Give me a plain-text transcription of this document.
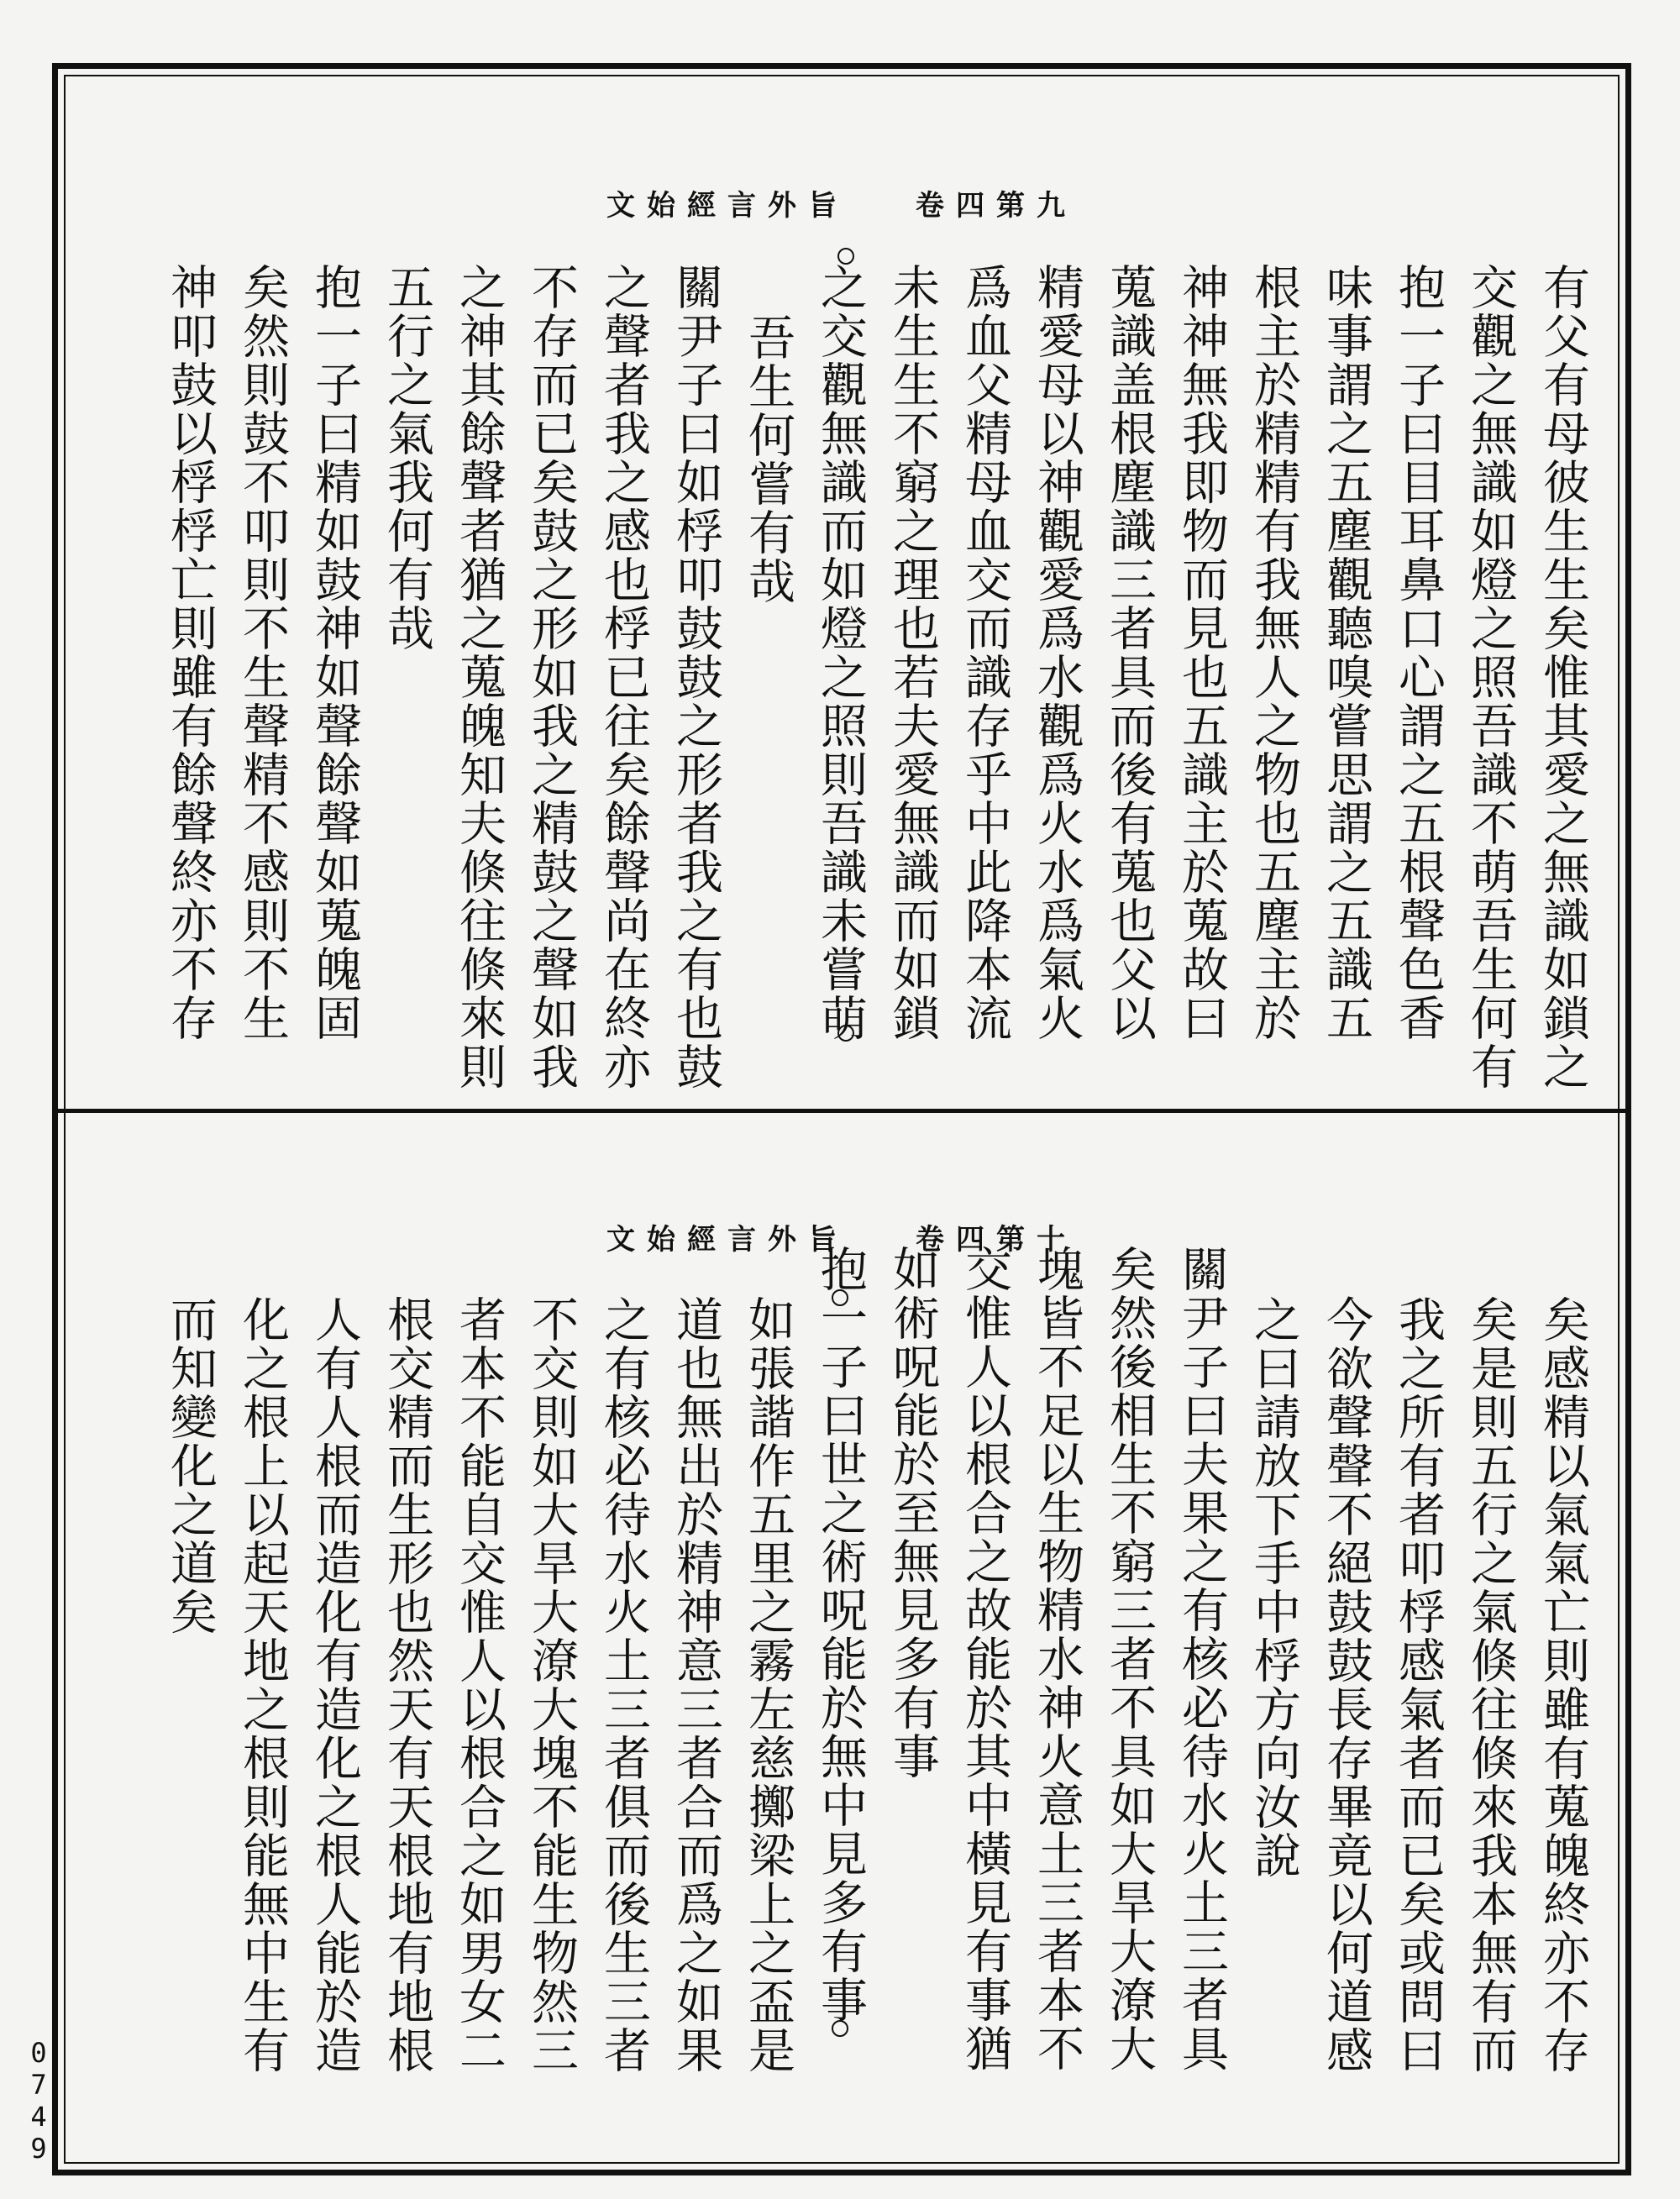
文始經言外旨 卷四第九
有父有母彼生生矣惟其愛之無識如鎖之
交觀之無識如燈之照吾識不萌吾生何有
抱一子曰目耳鼻口心謂之五根聲色香
味事謂之五塵觀聽嗅嘗思謂之五識五
根主於精精有我無人之物也五塵主於
神神無我即物而見也五識主於蒐故曰
蒐識盖根塵識三者具而後有蒐也父以
精愛母以神觀愛爲水觀爲火水爲氣火
爲血父精母血交而識存乎中此降本流
未生生不窮之理也若夫愛無識而如鎖
之交觀無識而如燈之照則吾識未嘗萌
吾生何嘗有哉
關尹子曰如桴叩鼓鼓之形者我之有也鼓
之聲者我之感也桴已往矣餘聲尚在終亦
不存而已矣鼓之形如我之精鼓之聲如我
之神其餘聲者猶之蒐魄知夫倏往倏來則
五行之氣我何有哉
抱一子曰精如鼓神如聲餘聲如蒐魄固
矣然則鼓不叩則不生聲精不感則不生
神叩鼓以桴桴亡則雖有餘聲終亦不存
文始經言外旨 卷四第十
矣感精以氣氣亡則雖有蒐魄終亦不存
矣是則五行之氣倏往倏來我本無有而
我之所有者叩桴感氣者而已矣或問曰
今欲聲聲不絕鼓鼓長存畢竟以何道感
之曰請放下手中桴方向汝說
關尹子曰夫果之有核必待水火土三者具
矣然後相生不窮三者不具如大旱大潦大
塊皆不足以生物精水神火意土三者本不
交惟人以根合之故能於其中橫見有事猶
如術呪能於至無見多有事
抱一子曰世之術呪能於無中見多有事
如張諧作五里之霧左慈擲梁上之盃是
道也無出於精神意三者合而爲之如果
之有核必待水火土三者俱而後生三者
不交則如大旱大潦大塊不能生物然三
者本不能自交惟人以根合之如男女二
根交精而生形也然天有天根地有地根
人有人根而造化有造化之根人能於造
化之根上以起天地之根則能無中生有
而知變化之道矣
0749
